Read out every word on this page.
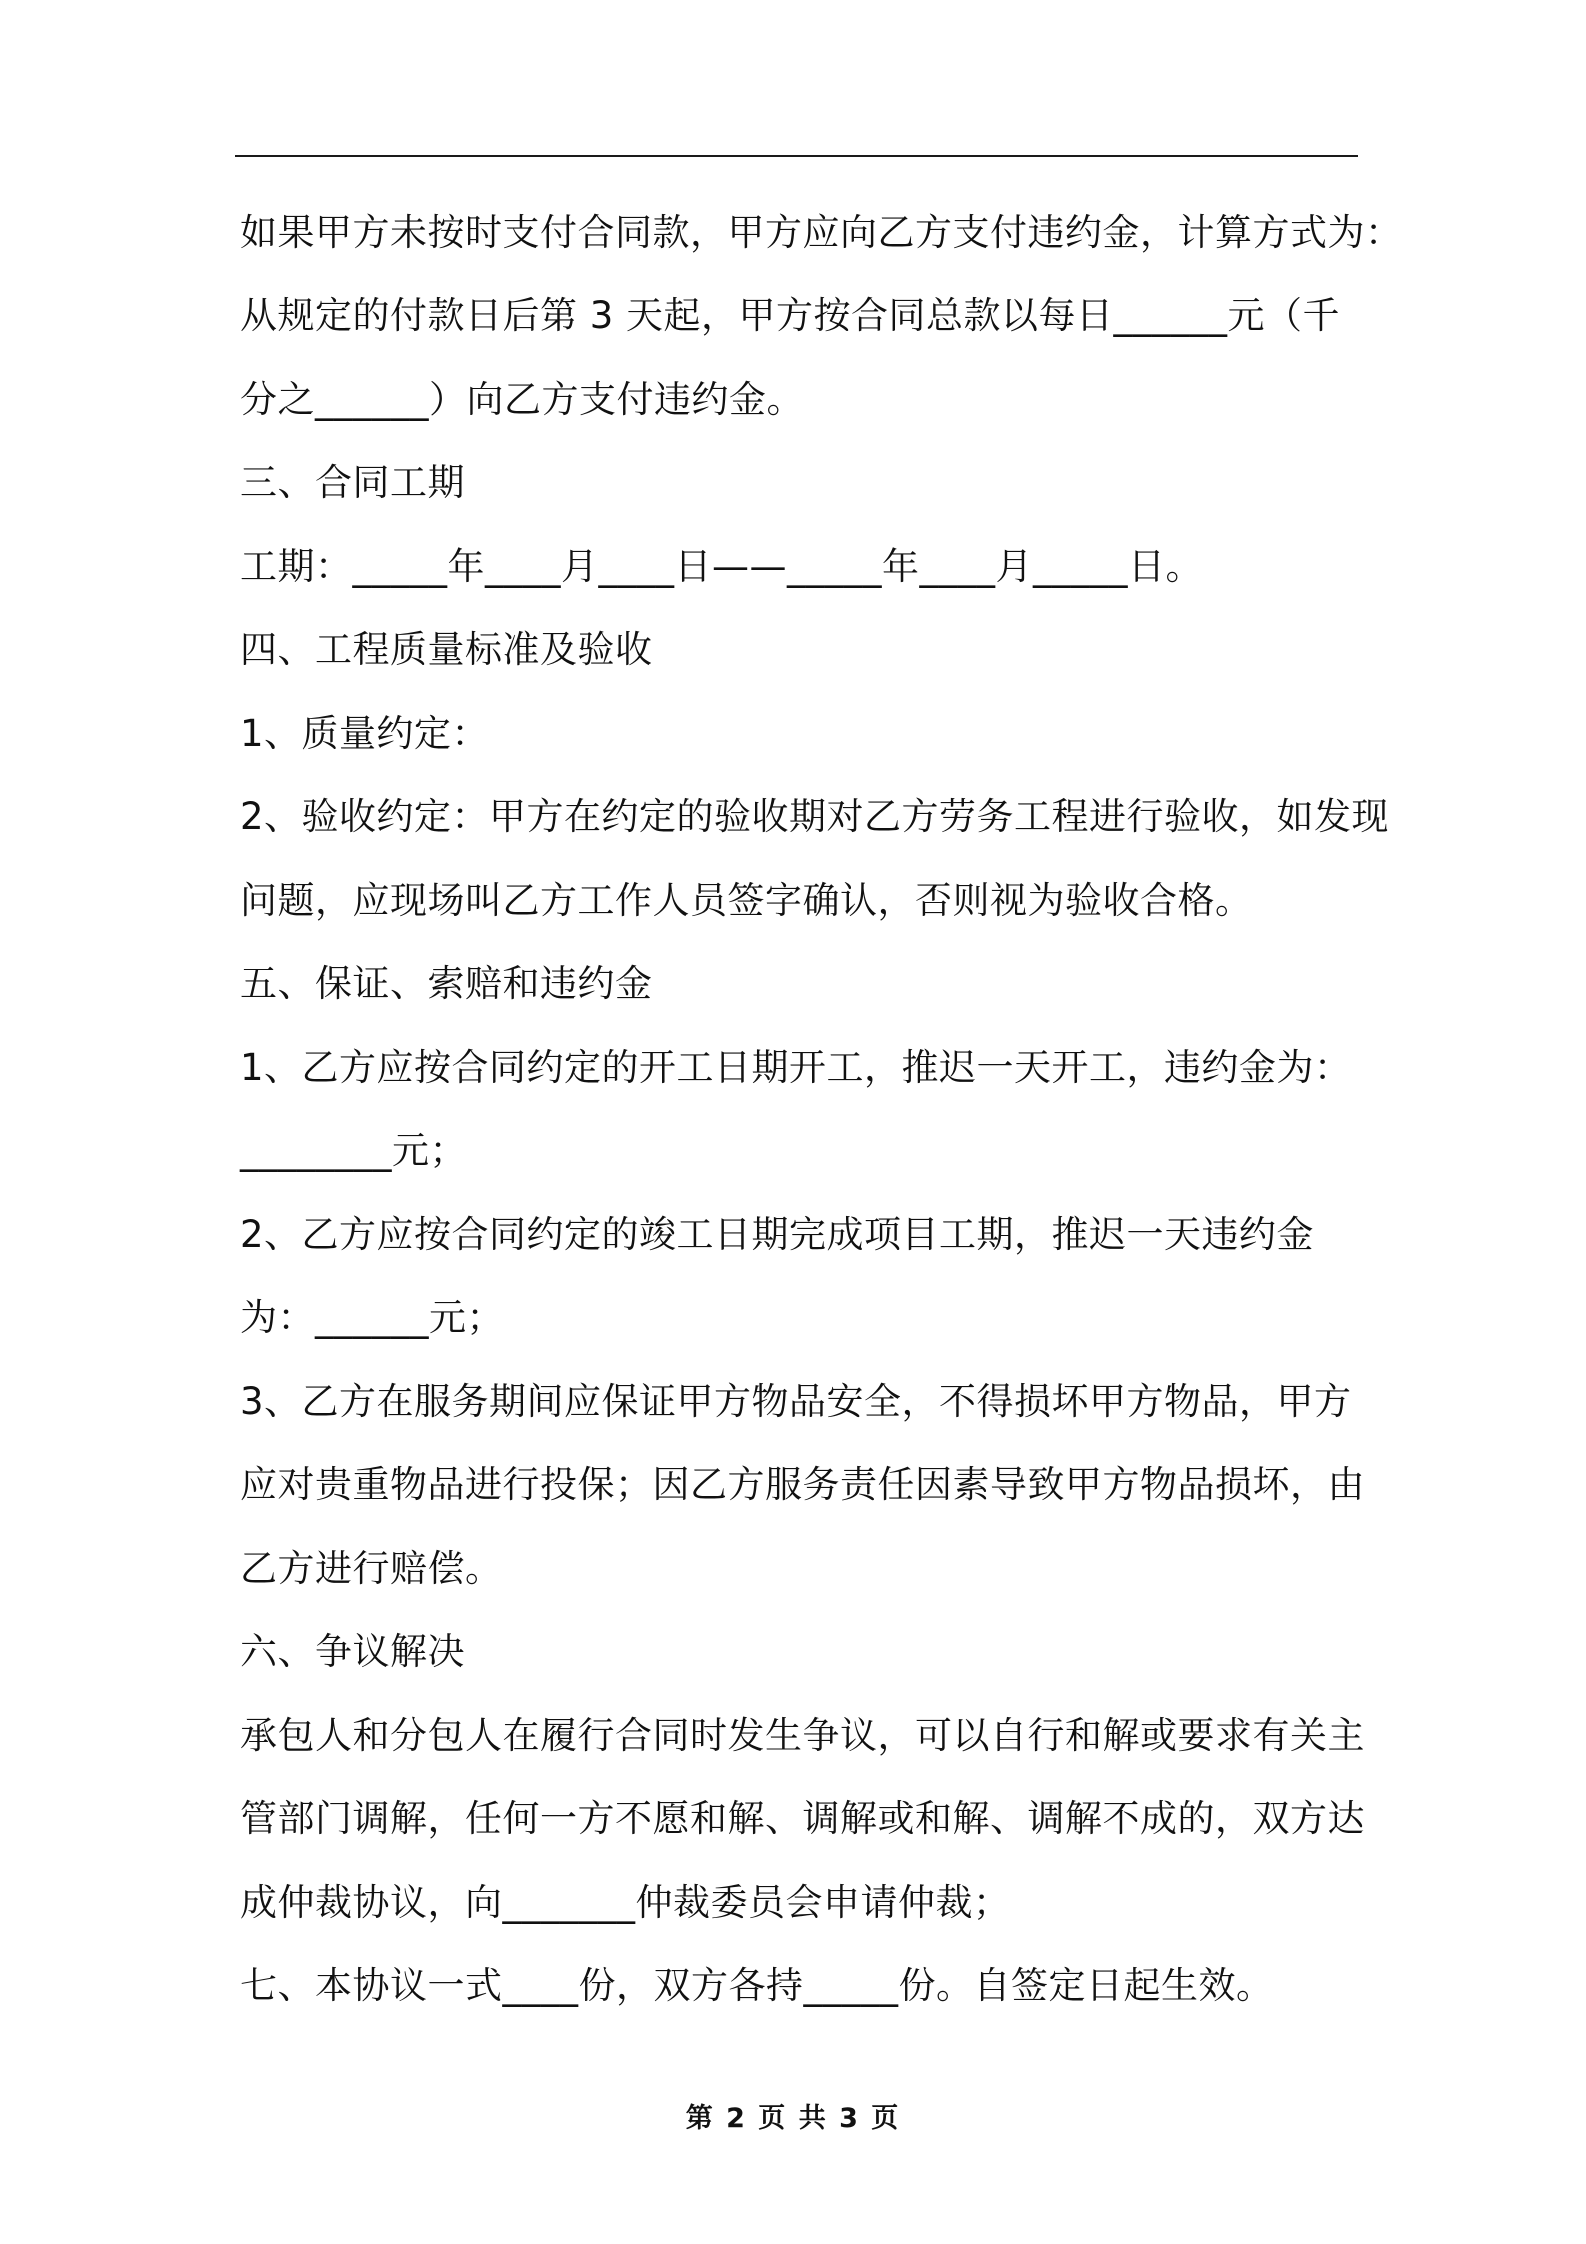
如果甲方未按时支付合同款，甲方应向乙方支付违约金，计算方式为：
从规定的付款日后第 3 天起，甲方按合同总款以每日______元（千
分之______）向乙方支付违约金。
三、合同工期
工期：_____年____月____日——_____年____月_____日。
四、工程质量标准及验收
1、质量约定：
2、验收约定：甲方在约定的验收期对乙方劳务工程进行验收，如发现
问题，应现场叫乙方工作人员签字确认，否则视为验收合格。
五、保证、索赔和违约金
1、乙方应按合同约定的开工日期开工，推迟一天开工，违约金为：
________元；
2、乙方应按合同约定的竣工日期完成项目工期，推迟一天违约金
为：______元；
3、乙方在服务期间应保证甲方物品安全，不得损坏甲方物品，甲方
应对贵重物品进行投保；因乙方服务责任因素导致甲方物品损坏，由
乙方进行赔偿。
六、争议解决
承包人和分包人在履行合同时发生争议，可以自行和解或要求有关主
管部门调解，任何一方不愿和解、调解或和解、调解不成的，双方达
成仲裁协议，向_______仲裁委员会申请仲裁；
七、本协议一式____份，双方各持_____份。自签定日起生效。
第 2 页 共 3 页
